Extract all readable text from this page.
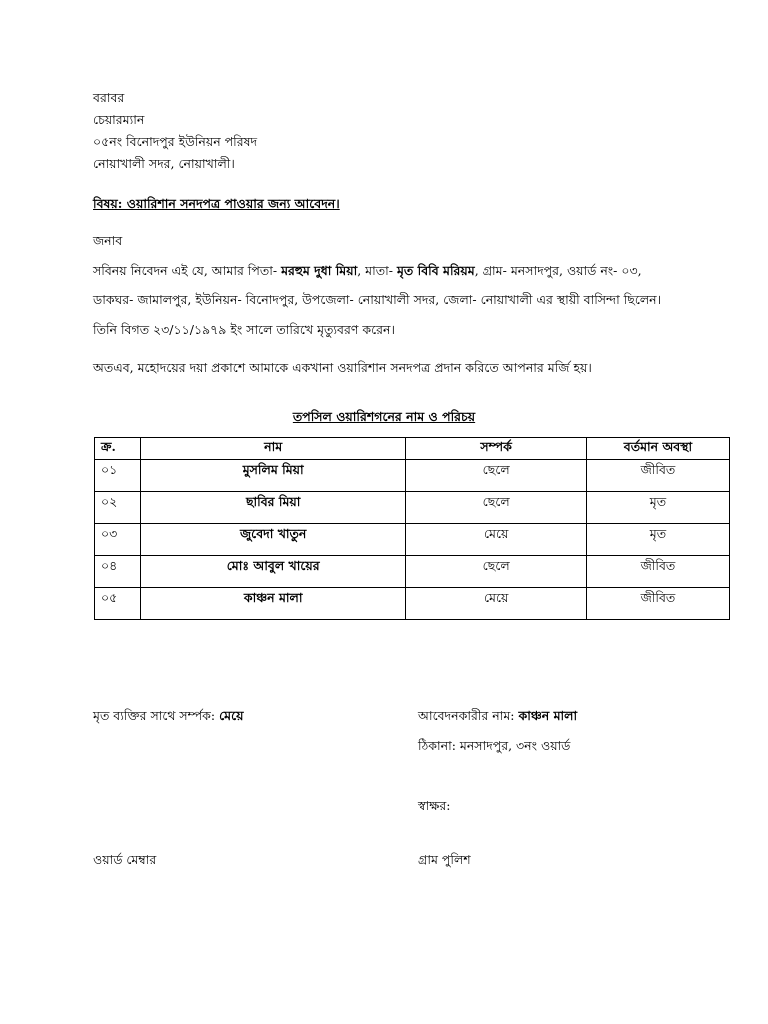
বরাবর
চেয়ারম্যান
০৫নং বিনোদপুর ইউনিয়ন পরিষদ
নোয়াখালী সদর, নোয়াখালী।
বিষয়: ওয়ারিশান সনদপত্র পাওয়ার জন্য আবেদন।
জনাব
সবিনয় নিবেদন এই যে, আমার পিতা- মরহুম দুধা মিয়া, মাতা- মৃত বিবি মরিয়ম, গ্রাম- মনসাদপুর, ওয়ার্ড নং- ০৩,
ডাকঘর- জামালপুর, ইউনিয়ন- বিনোদপুর, উপজেলা- নোয়াখালী সদর, জেলা- নোয়াখালী এর স্থায়ী বাসিন্দা ছিলেন।
তিনি বিগত ২৩/১১/১৯৭৯ ইং সালে তারিখে মৃত্যুবরণ করেন।
অতএব, মহোদয়ের দয়া প্রকাশে আমাকে একখানা ওয়ারিশান সনদপত্র প্রদান করিতে আপনার মর্জি হয়।
তপসিল ওয়ারিশগনের নাম ও পরিচয়
ক্র.	নাম	সম্পর্ক	বর্তমান অবস্থা
০১	মুসলিম মিয়া	ছেলে	জীবিত
০২	ছাবির মিয়া	ছেলে	মৃত
০৩	জুবেদা খাতুন	মেয়ে	মৃত
০৪	মোঃ আবুল খায়ের	ছেলে	জীবিত
০৫	কাঞ্চন মালা	মেয়ে	জীবিত
মৃত ব্যক্তির সাথে সর্ম্পক: মেয়ে	আবেদনকারীর নাম: কাঞ্চন মালা
ঠিকানা: মনসাদপুর, ৩নং ওয়ার্ড
স্বাক্ষর:
ওয়ার্ড মেম্বার	গ্রাম পুলিশ
